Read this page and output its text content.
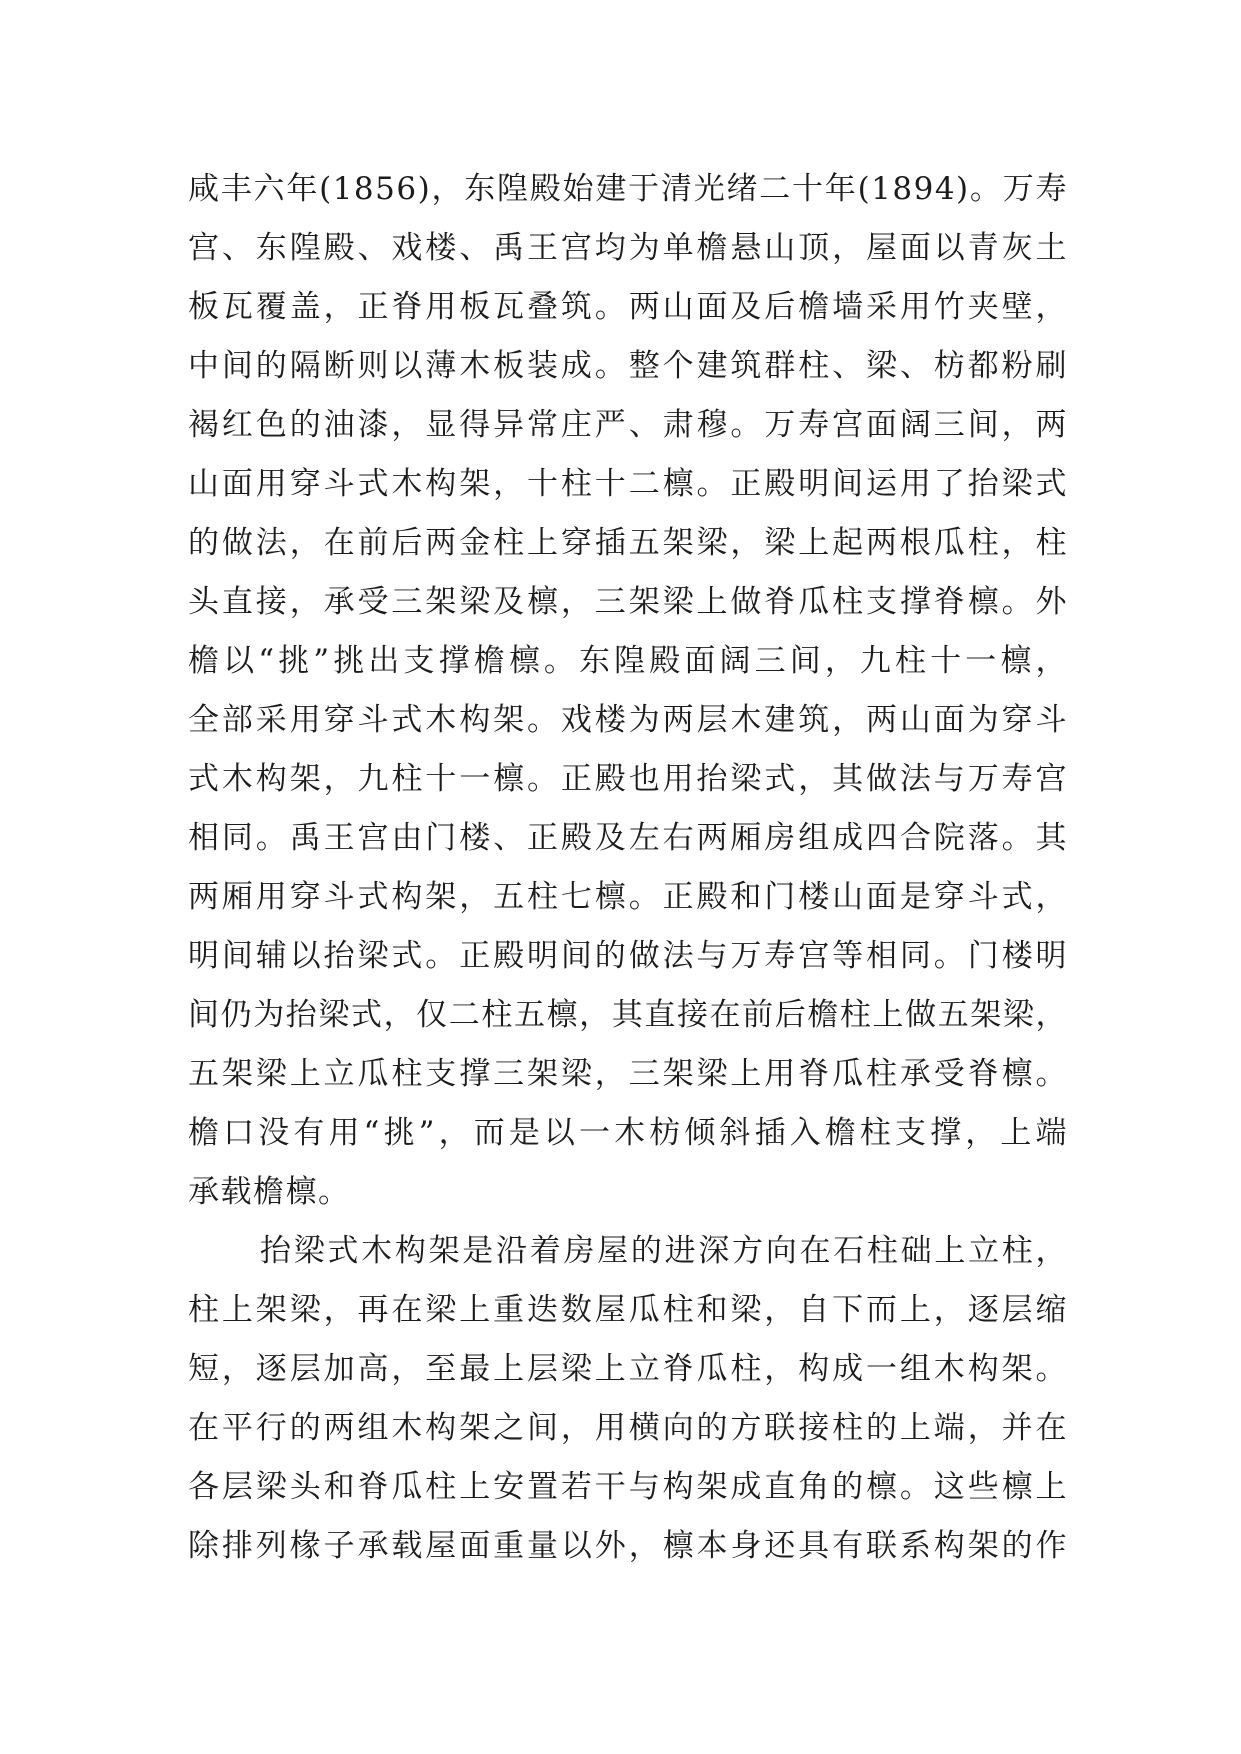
咸丰六年(1856)，东隍殿始建于清光绪二十年(1894)。万寿
宫、东隍殿、戏楼、禹王宫均为单檐悬山顶，屋面以青灰土
板瓦覆盖，正脊用板瓦叠筑。两山面及后檐墙采用竹夹壁，
中间的隔断则以薄木板装成。整个建筑群柱、梁、枋都粉刷
褐红色的油漆，显得异常庄严、肃穆。万寿宫面阔三间，两
山面用穿斗式木构架，十柱十二檩。正殿明间运用了抬梁式
的做法，在前后两金柱上穿插五架梁，梁上起两根瓜柱，柱
头直接，承受三架梁及檩，三架梁上做脊瓜柱支撑脊檩。外
檐以“挑”挑出支撑檐檩。东隍殿面阔三间，九柱十一檩，
全部采用穿斗式木构架。戏楼为两层木建筑，两山面为穿斗
式木构架，九柱十一檩。正殿也用抬梁式，其做法与万寿宫
相同。禹王宫由门楼、正殿及左右两厢房组成四合院落。其
两厢用穿斗式构架，五柱七檩。正殿和门楼山面是穿斗式，
明间辅以抬梁式。正殿明间的做法与万寿宫等相同。门楼明
间仍为抬梁式，仅二柱五檩，其直接在前后檐柱上做五架梁，
五架梁上立瓜柱支撑三架梁，三架梁上用脊瓜柱承受脊檩。
檐口没有用“挑”，而是以一木枋倾斜插入檐柱支撑，上端
承载檐檩。
抬梁式木构架是沿着房屋的进深方向在石柱础上立柱，
柱上架梁，再在梁上重迭数屋瓜柱和梁，自下而上，逐层缩
短，逐层加高，至最上层梁上立脊瓜柱，构成一组木构架。
在平行的两组木构架之间，用横向的方联接柱的上端，并在
各层梁头和脊瓜柱上安置若干与构架成直角的檩。这些檩上
除排列椽子承载屋面重量以外，檩本身还具有联系构架的作
